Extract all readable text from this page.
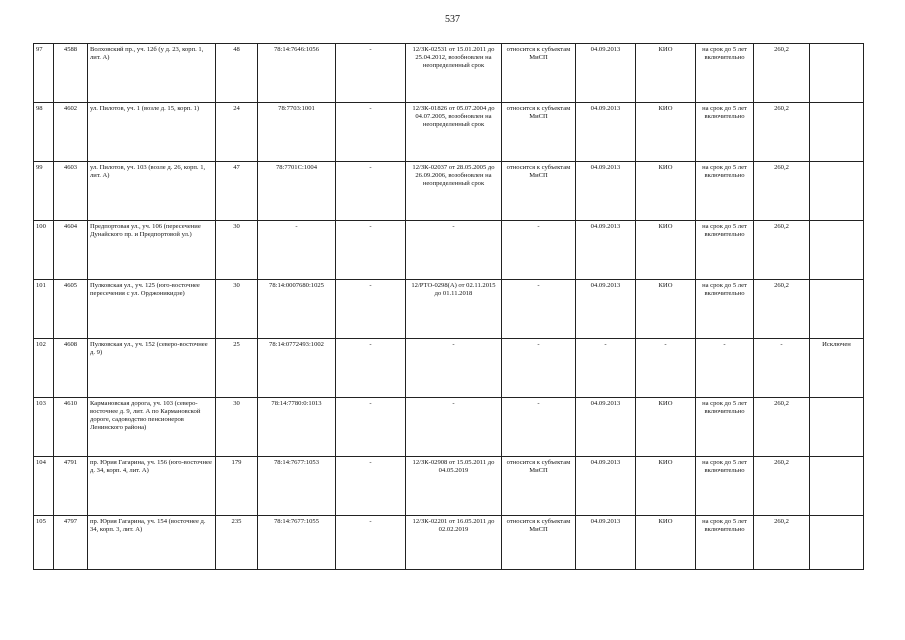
537
97	4588	Волховский пр., уч. 12б (у д. 23, корп. 1, лит. А)	48	78:14:7646:1056	-	12/ЗК-02531 от 15.01.2011 до 25.04.2012, возобновлен на неопределенный срок	относится к субъектам МиСП	04.09.2013	КИО	на срок до 5 лет включительно	260,2	
98	4602	ул. Пилотов, уч. 1 (возле д. 15, корп. 1)	24	78:7703:1001	-	12/ЗК-01826 от 05.07.2004 до 04.07.2005, возобновлен на неопределенный срок	относится к субъектам МиСП	04.09.2013	КИО	на срок до 5 лет включительно	260,2	
99	4603	ул. Пилотов, уч. 103 (возле д. 26, корп. 1, лит. А)	47	78:7701С:1004	-	12/ЗК-02037 от 28.05.2005 до 26.09.2006, возобновлен на неопределенный срок	относится к субъектам МиСП	04.09.2013	КИО	на срок до 5 лет включительно	260,2	
100	4604	Предпортовая ул., уч. 106 (пересечение Дунайского пр. и Предпортовой ул.)	30	-	-	-	-	04.09.2013	КИО	на срок до 5 лет включительно	260,2	
101	4605	Пулковская ул., уч. 125 (юго-восточнее пересечения с ул. Орджоникидзе)	30	78:14:0007680:1025	-	12/РТО-0298(А) от 02.11.2015 до 01.11.2018	-	04.09.2013	КИО	на срок до 5 лет включительно	260,2	
102	4608	Пулковская ул., уч. 152 (северо-восточнее д. 9)	25	78:14:0772493:1002	-	-	-	-	-	-	-	Исключен
103	4610	Кармановская дорога, уч. 103 (северо-восточнее д. 9, лит. А по Кармановской дороге, садоводство пенсионеров Ленинского района)	30	78:14:7780:0:1013	-	-	-	04.09.2013	КИО	на срок до 5 лет включительно	260,2	
104	4791	пр. Юрия Гагарина, уч. 156 (юго-восточнее д. 34, корп. 4, лит. А)	179	78:14:7677:1053	-	12/ЗК-02908 от 15.05.2011 до 04.05.2019	относится к субъектам МиСП	04.09.2013	КИО	на срок до 5 лет включительно	260,2	
105	4797	пр. Юрия Гагарина, уч. 154 (восточнее д. 34, корп. 3, лит. А)	235	78:14:7677:1055	-	12/ЗК-02201 от 16.05.2011 до 02.02.2019	относится к субъектам МиСП	04.09.2013	КИО	на срок до 5 лет включительно	260,2	
